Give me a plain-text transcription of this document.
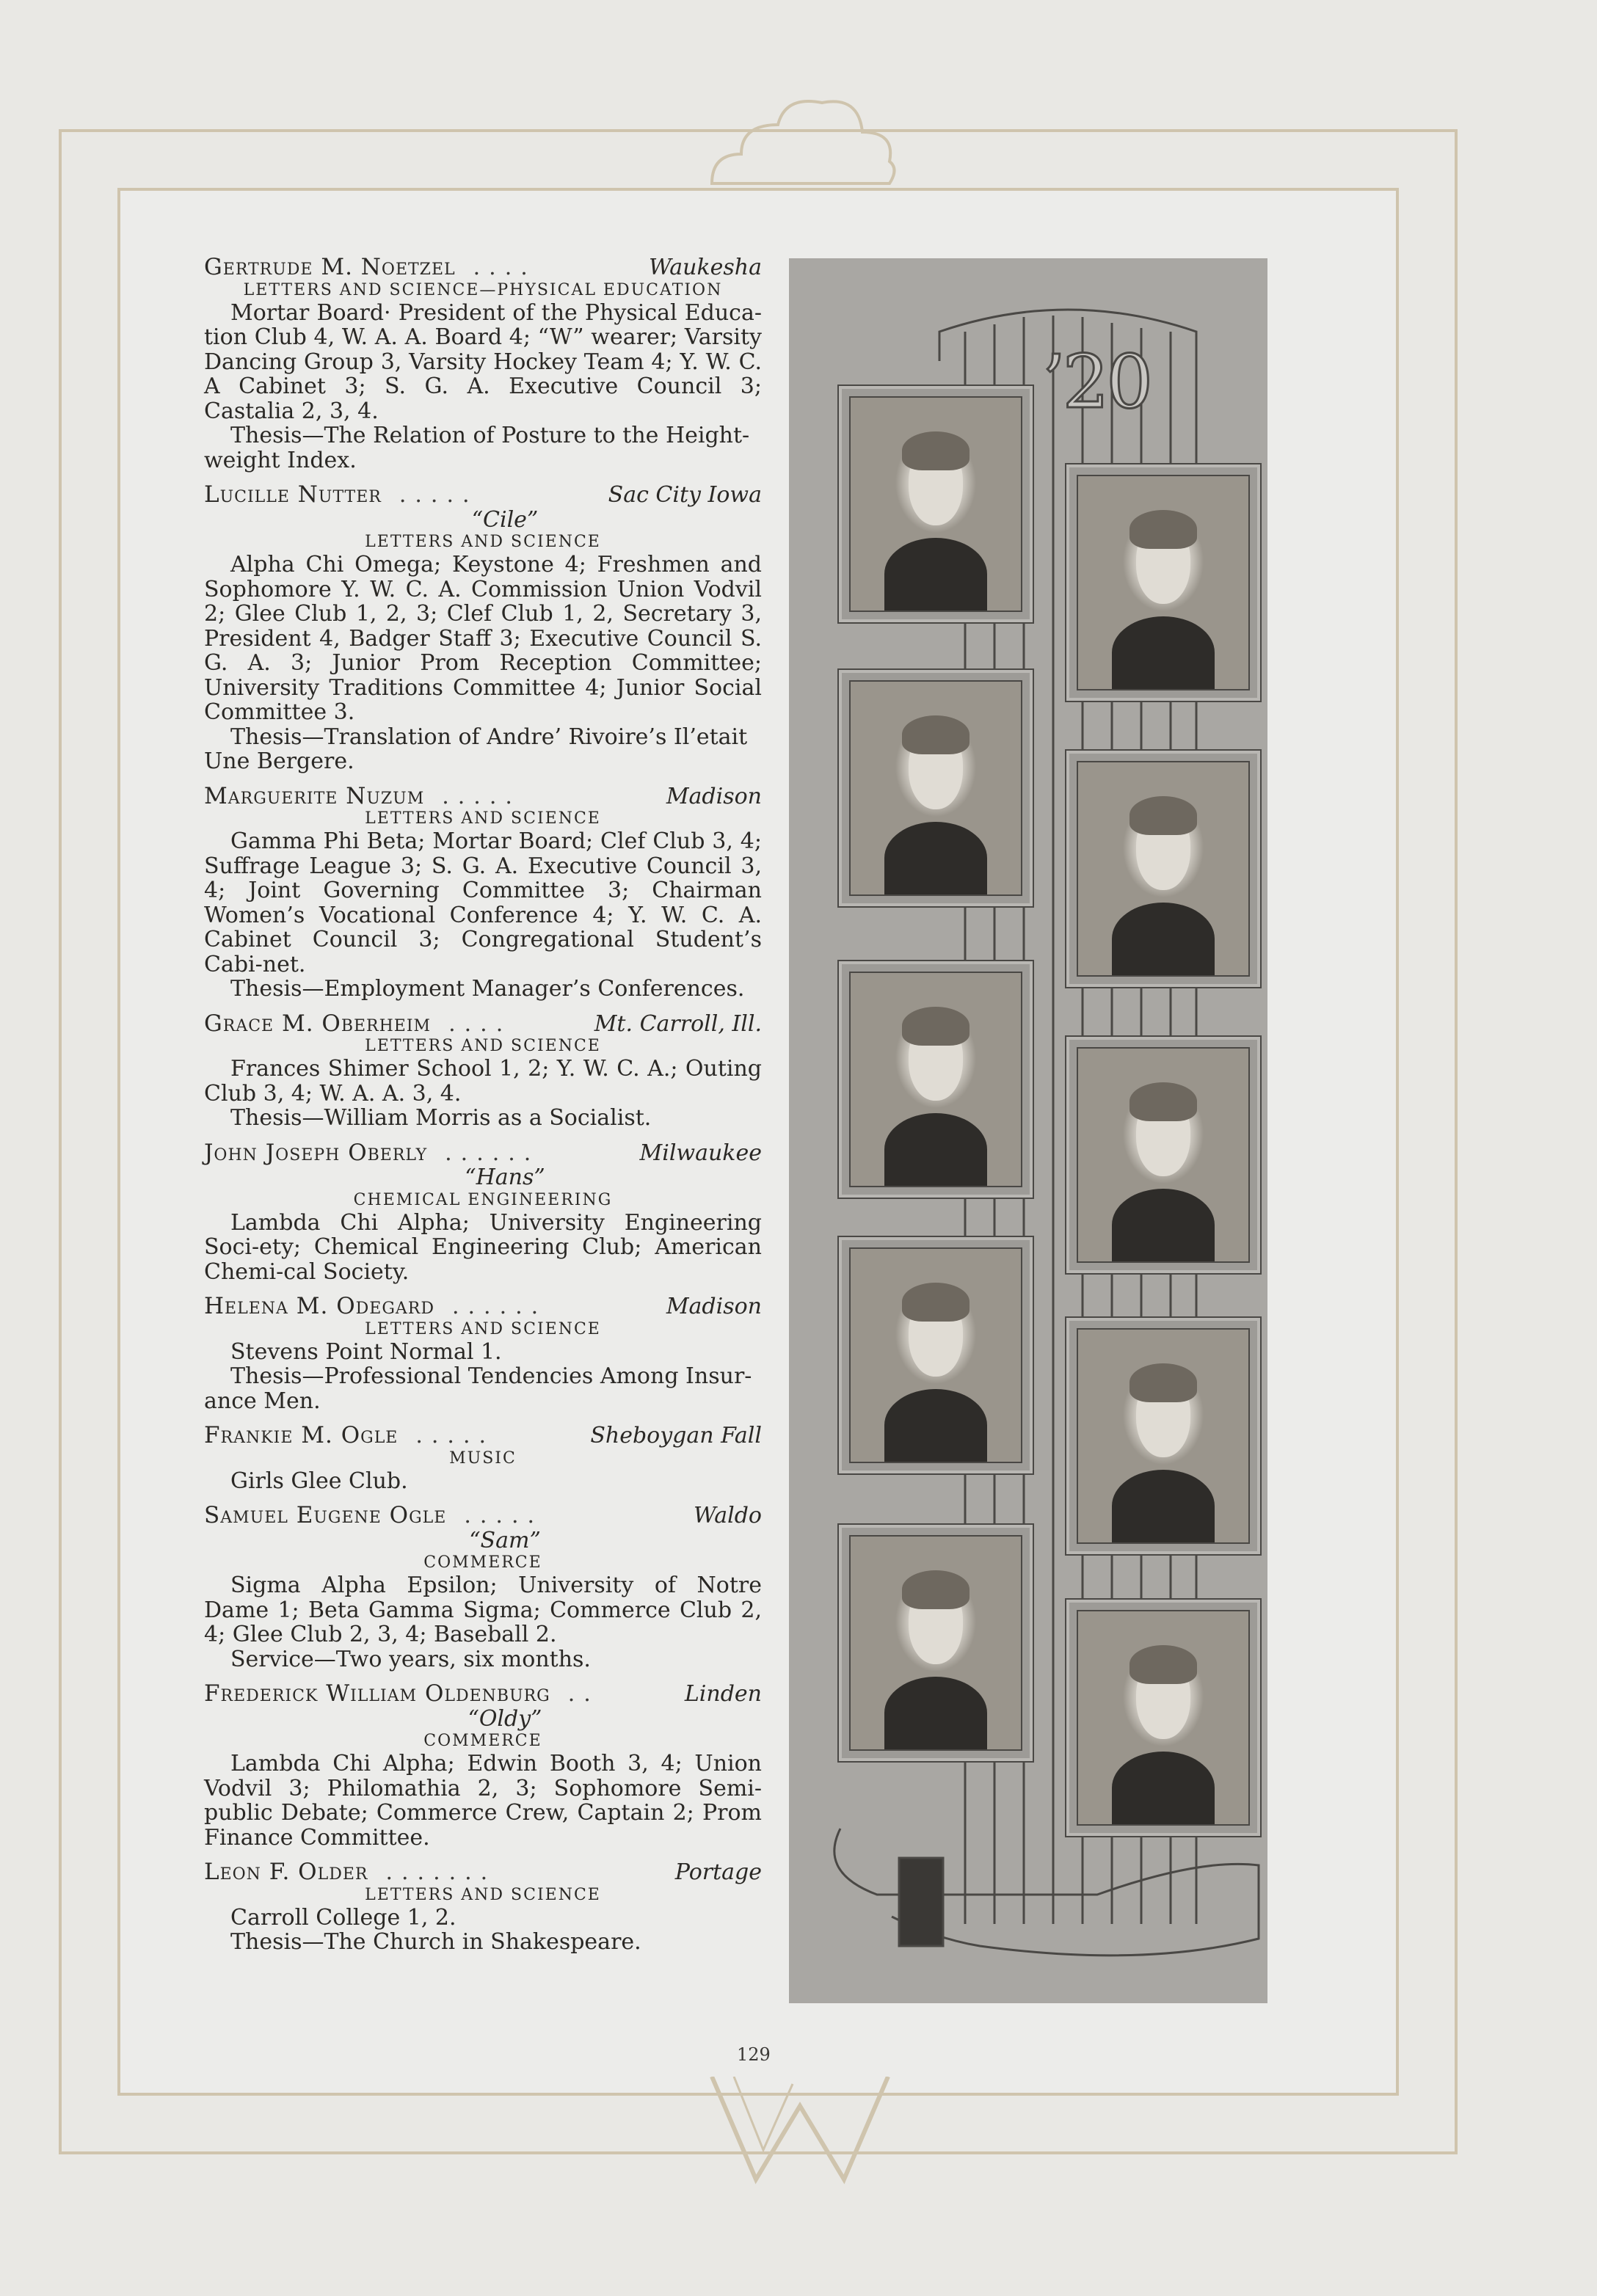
Gertrude M. Noetzel ....	Waukesha
LETTERS AND SCIENCE—PHYSICAL EDUCATION
Mortar Board· President of the Physical Educa-tion Club 4, W. A. A. Board 4; “W” wearer; Varsity Dancing Group 3, Varsity Hockey Team 4; Y. W. C. A Cabinet 3; S. G. A. Executive Council 3; Castalia 2, 3, 4.
Thesis—The Relation of Posture to the Height-weight Index.
Lucille Nutter .....	Sac City Iowa
“Cile”
LETTERS AND SCIENCE
Alpha Chi Omega; Keystone 4; Freshmen and Sophomore Y. W. C. A. Commission Union Vodvil 2; Glee Club 1, 2, 3; Clef Club 1, 2, Secretary 3, President 4, Badger Staff 3; Executive Council S. G. A. 3; Junior Prom Reception Committee; University Traditions Committee 4; Junior Social Committee 3.
Thesis—Translation of Andre’ Rivoire’s Il’etait Une Bergere.
Marguerite Nuzum .....	Madison
LETTERS AND SCIENCE
Gamma Phi Beta; Mortar Board; Clef Club 3, 4; Suffrage League 3; S. G. A. Executive Council 3, 4; Joint Governing Committee 3; Chairman Women’s Vocational Conference 4; Y. W. C. A. Cabinet Council 3; Congregational Student’s Cabi-net.
Thesis—Employment Manager’s Conferences.
Grace M. Oberheim ....	Mt. Carroll, Ill.
LETTERS AND SCIENCE
Frances Shimer School 1, 2; Y. W. C. A.; Outing Club 3, 4; W. A. A. 3, 4.
Thesis—William Morris as a Socialist.
John Joseph Oberly ......	Milwaukee
“Hans”
CHEMICAL ENGINEERING
Lambda Chi Alpha; University Engineering Soci-ety; Chemical Engineering Club; American Chemi-cal Society.
Helena M. Odegard ......	Madison
LETTERS AND SCIENCE
Stevens Point Normal 1.
Thesis—Professional Tendencies Among Insur-ance Men.
Frankie M. Ogle .....	Sheboygan Fall
MUSIC
Girls Glee Club.
Samuel Eugene Ogle .....	Waldo
“Sam”
COMMERCE
Sigma Alpha Epsilon; University of Notre Dame 1; Beta Gamma Sigma; Commerce Club 2, 4; Glee Club 2, 3, 4; Baseball 2.
Service—Two years, six months.
Frederick William Oldenburg ..	Linden
“Oldy”
COMMERCE
Lambda Chi Alpha; Edwin Booth 3, 4; Union Vodvil 3; Philomathia 2, 3; Sophomore Semi-public Debate; Commerce Crew, Captain 2; Prom Finance Committee.
Leon F. Older .......	Portage
LETTERS AND SCIENCE
Carroll College 1, 2.
Thesis—The Church in Shakespeare.
’20
129
